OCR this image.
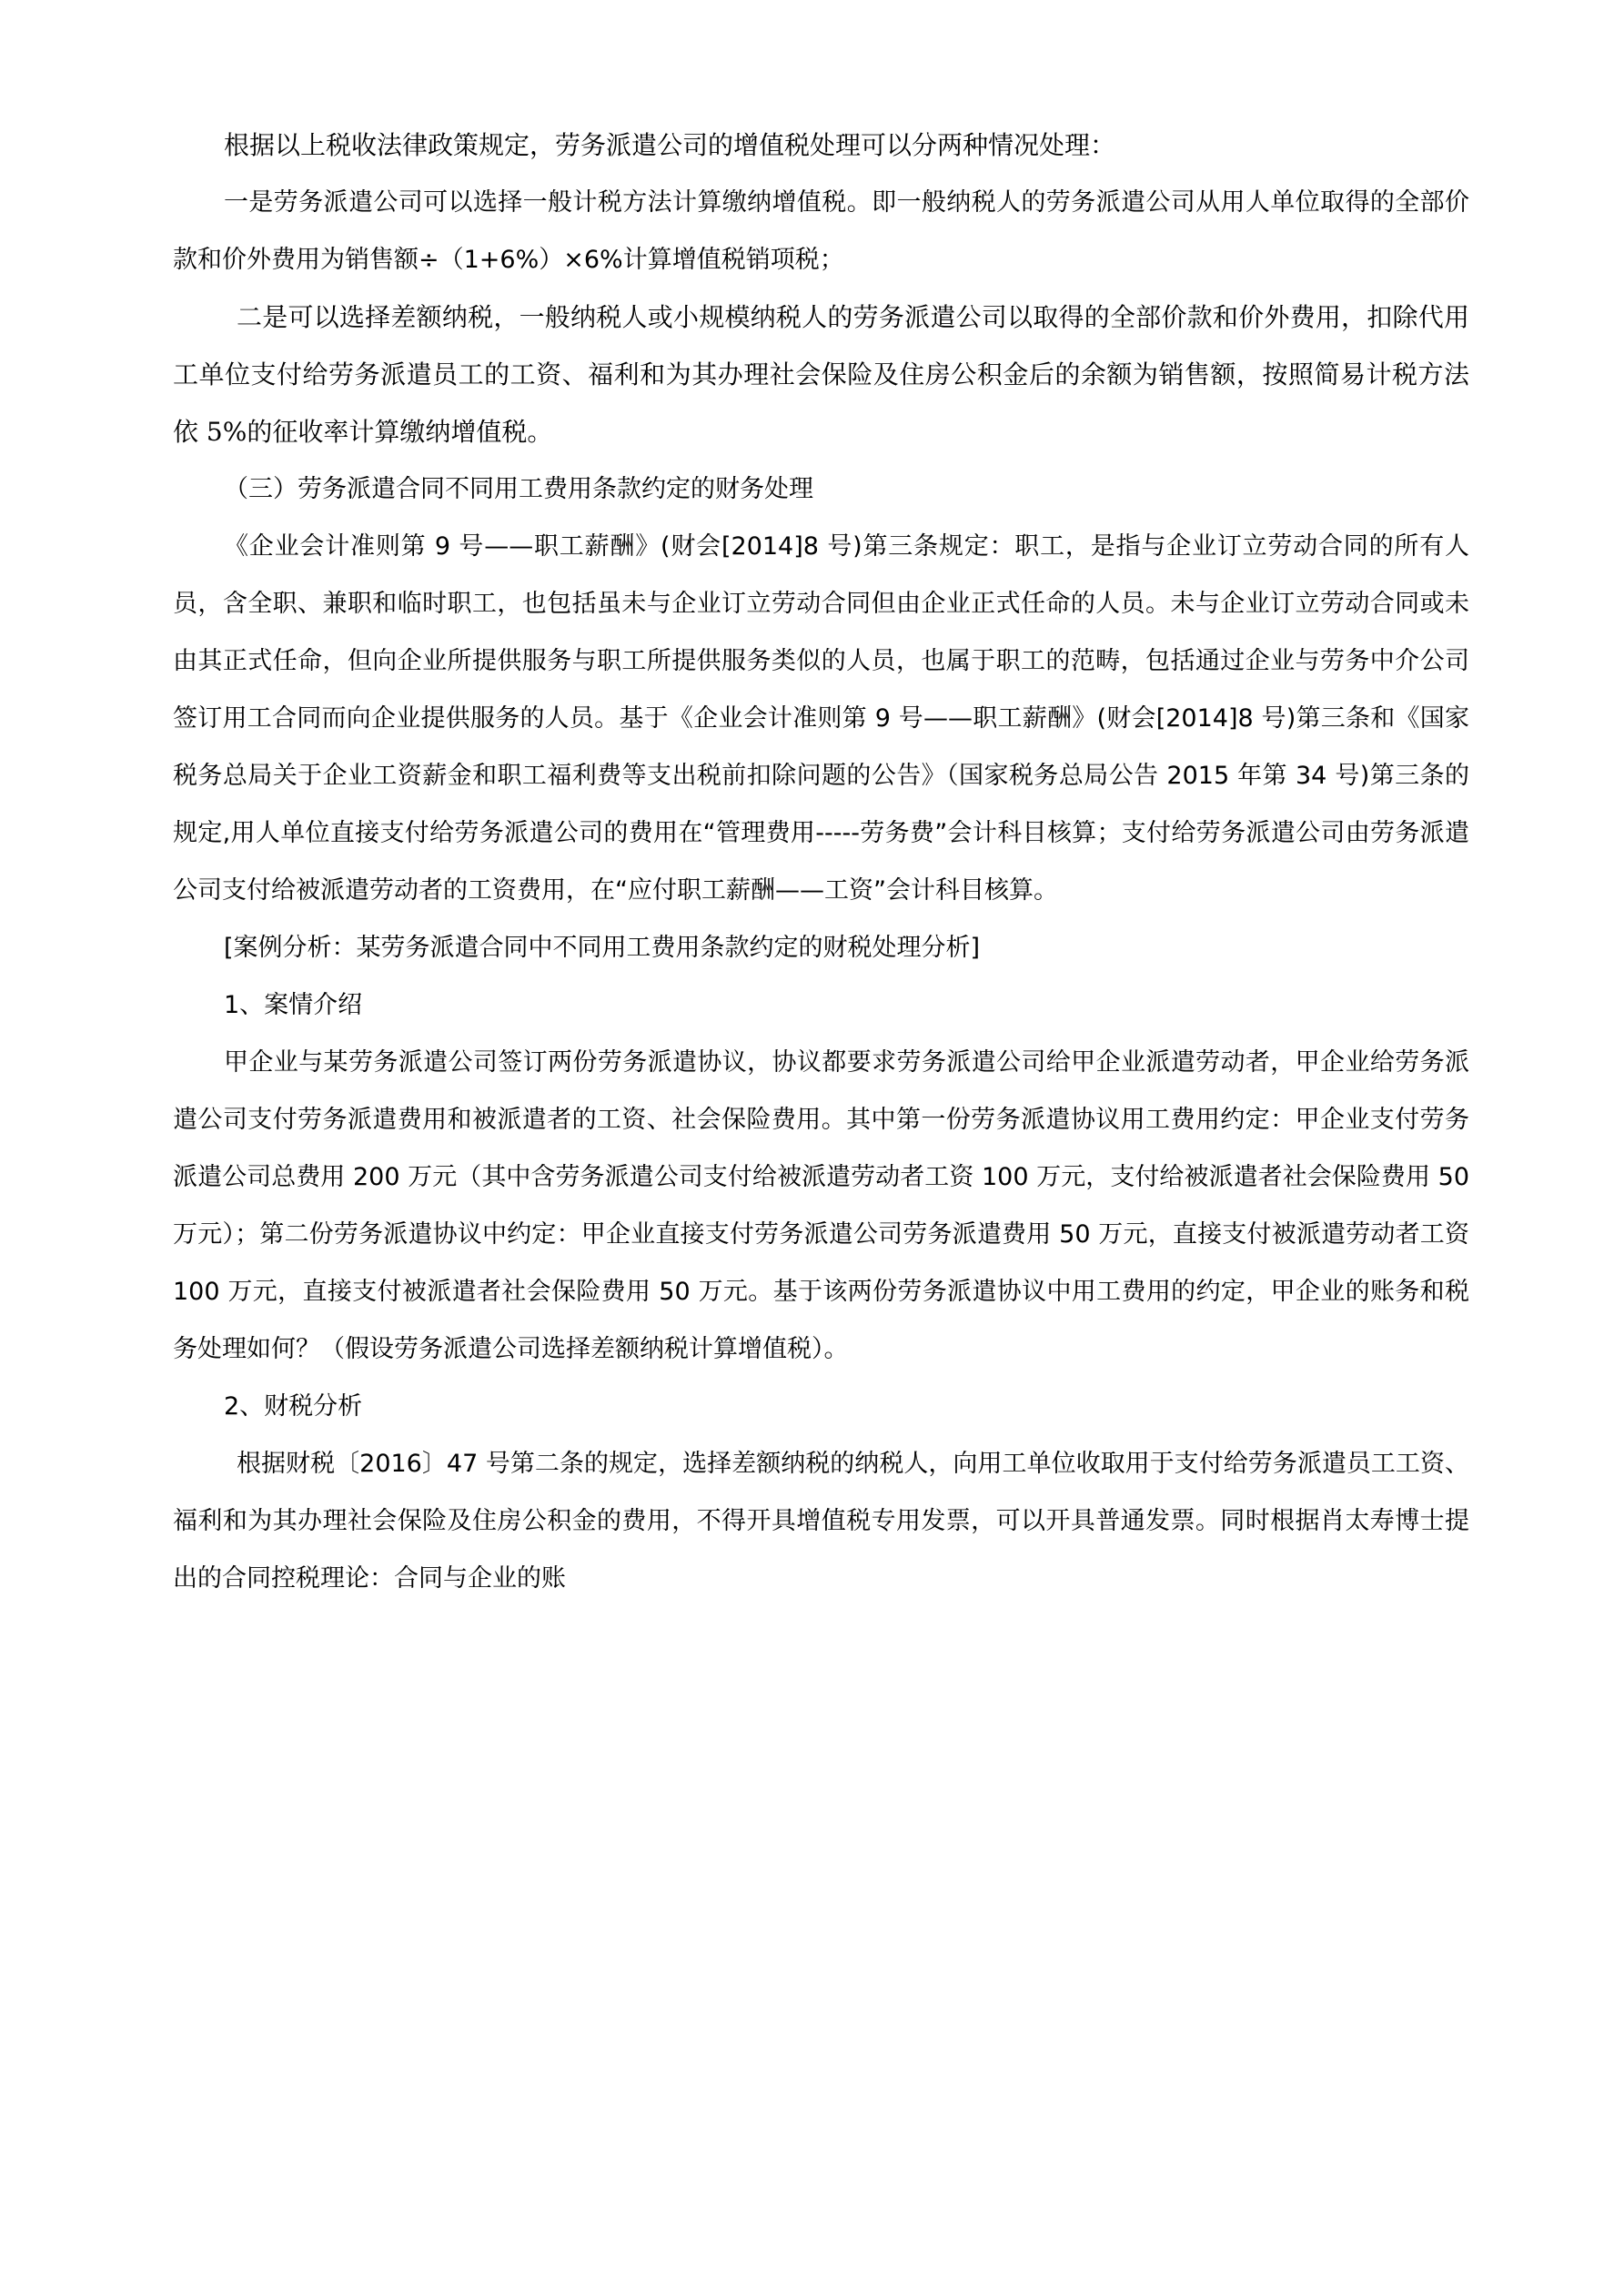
根据以上税收法律政策规定，劳务派遣公司的增值税处理可以分两种情况处理：

一是劳务派遣公司可以选择一般计税方法计算缴纳增值税。即一般纳税人的劳务派遣公司从用人单位取得的全部价款和价外费用为销售额÷（1+6%）×6%计算增值税销项税；

二是可以选择差额纳税，一般纳税人或小规模纳税人的劳务派遣公司以取得的全部价款和价外费用，扣除代用工单位支付给劳务派遣员工的工资、福利和为其办理社会保险及住房公积金后的余额为销售额，按照简易计税方法依 5%的征收率计算缴纳增值税。

（三）劳务派遣合同不同用工费用条款约定的财务处理

《企业会计准则第 9 号——职工薪酬》(财会[2014]8 号)第三条规定：职工，是指与企业订立劳动合同的所有人员，含全职、兼职和临时职工，也包括虽未与企业订立劳动合同但由企业正式任命的人员。未与企业订立劳动合同或未由其正式任命，但向企业所提供服务与职工所提供服务类似的人员，也属于职工的范畴，包括通过企业与劳务中介公司签订用工合同而向企业提供服务的人员。基于《企业会计准则第 9 号——职工薪酬》(财会[2014]8 号)第三条和《国家税务总局关于企业工资薪金和职工福利费等支出税前扣除问题的公告》（国家税务总局公告 2015 年第 34 号)第三条的规定,用人单位直接支付给劳务派遣公司的费用在“管理费用-----劳务费”会计科目核算；支付给劳务派遣公司由劳务派遣公司支付给被派遣劳动者的工资费用，在“应付职工薪酬——工资”会计科目核算。

[案例分析：某劳务派遣合同中不同用工费用条款约定的财税处理分析]

1、案情介绍

甲企业与某劳务派遣公司签订两份劳务派遣协议，协议都要求劳务派遣公司给甲企业派遣劳动者，甲企业给劳务派遣公司支付劳务派遣费用和被派遣者的工资、社会保险费用。其中第一份劳务派遣协议用工费用约定：甲企业支付劳务派遣公司总费用 200 万元（其中含劳务派遣公司支付给被派遣劳动者工资 100 万元，支付给被派遣者社会保险费用 50 万元）；第二份劳务派遣协议中约定：甲企业直接支付劳务派遣公司劳务派遣费用 50 万元，直接支付被派遣劳动者工资 100 万元，直接支付被派遣者社会保险费用 50 万元。基于该两份劳务派遣协议中用工费用的约定，甲企业的账务和税务处理如何？（假设劳务派遣公司选择差额纳税计算增值税）。

2、财税分析

根据财税〔2016〕47 号第二条的规定，选择差额纳税的纳税人，向用工单位收取用于支付给劳务派遣员工工资、福利和为其办理社会保险及住房公积金的费用，不得开具增值税专用发票，可以开具普通发票。同时根据肖太寿博士提出的合同控税理论：合同与企业的账
